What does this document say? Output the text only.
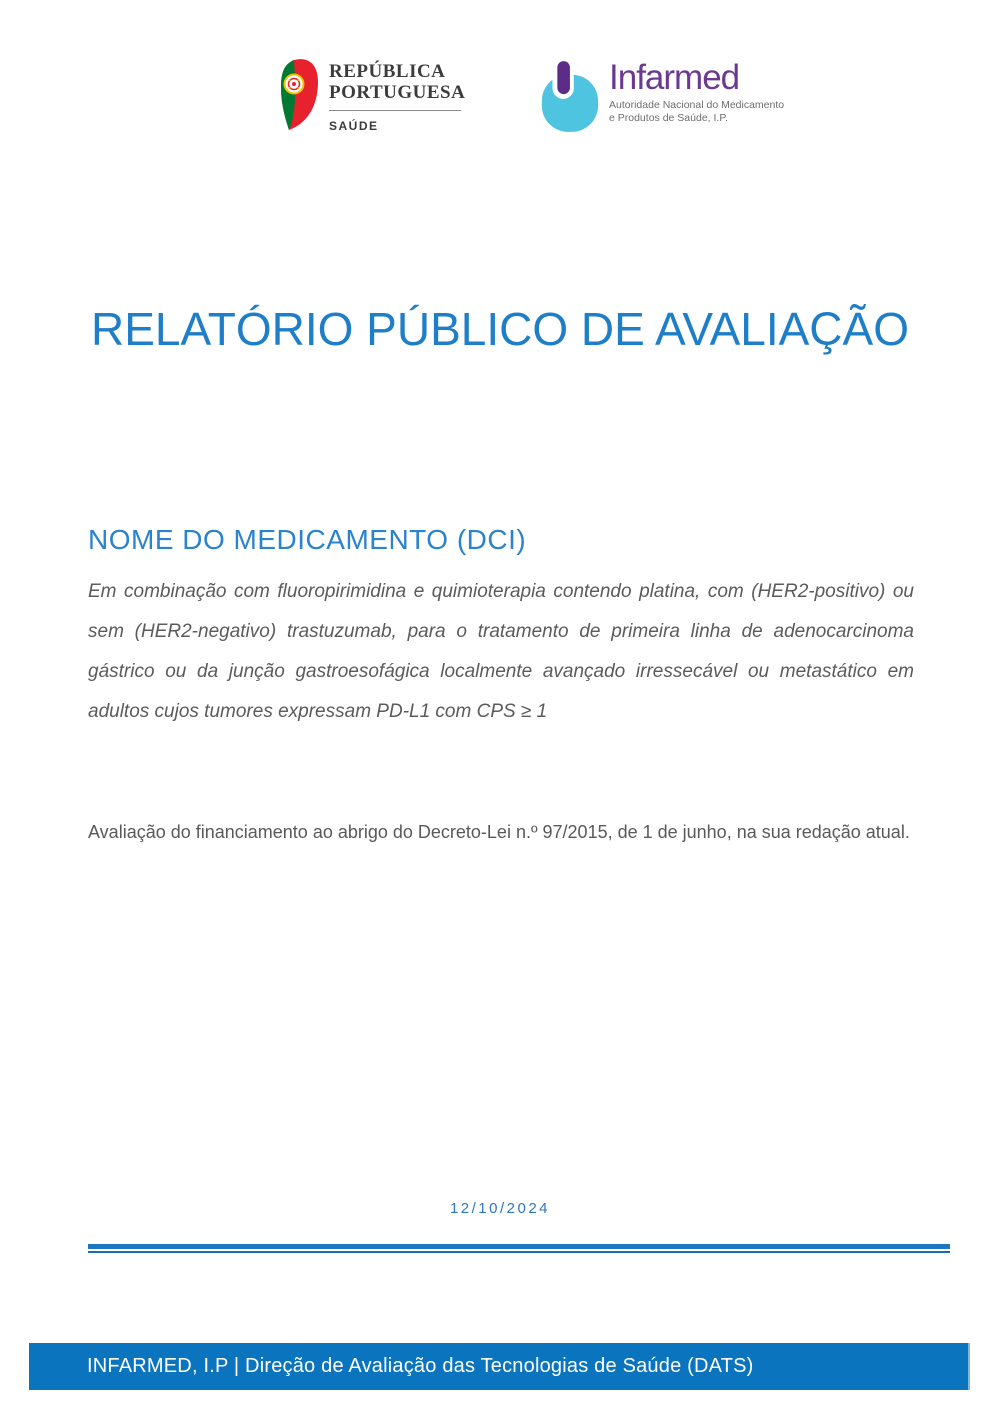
REPÚBLICA
PORTUGUESA
SAÚDE
Infarmed
Autoridade Nacional do Medicamento
e Produtos de Saúde, I.P.
RELATÓRIO PÚBLICO DE AVALIAÇÃO
NOME DO MEDICAMENTO (DCI)

Em combinação com fluoropirimidina e quimioterapia contendo platina, com (HER2-positivo) ou sem (HER2-negativo) trastuzumab, para o tratamento de primeira linha de adenocarcinoma gástrico ou da junção gastroesofágica localmente avançado irressecável ou metastático em adultos cujos tumores expressam PD-L1 com CPS ≥ 1

Avaliação do financiamento ao abrigo do Decreto-Lei n.º 97/2015, de 1 de junho, na sua redação atual.

12/10/2024
INFARMED, I.P | Direção de Avaliação das Tecnologias de Saúde (DATS)
